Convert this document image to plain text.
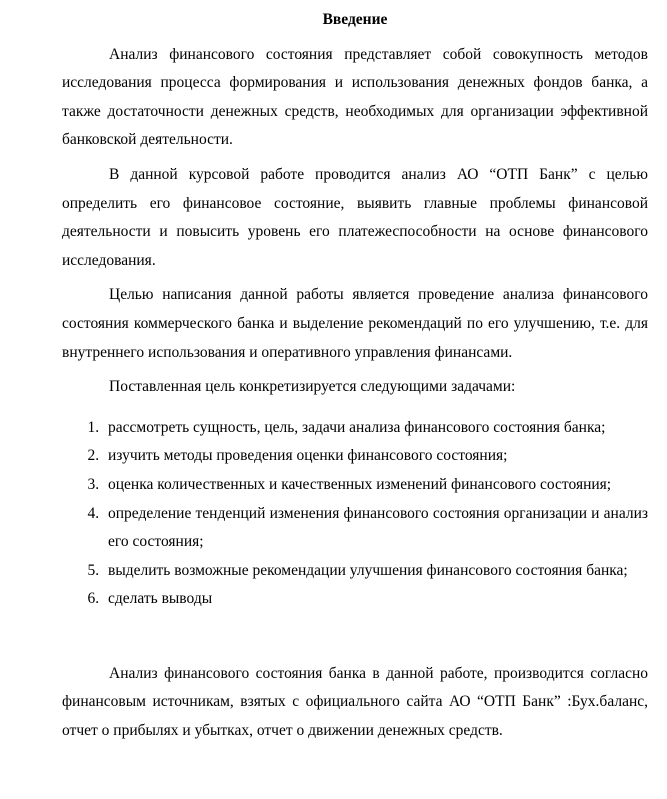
Введение

Анализ финансового состояния представляет собой совокупность методов исследования процесса формирования и использования денежных фондов банка, а также достаточности денежных средств, необходимых для организации эффективной банковской деятельности.

В данной курсовой работе проводится анализ АО “ОТП Банк” с целью определить его финансовое состояние, выявить главные проблемы финансовой деятельности и повысить уровень его платежеспособности на основе финансового исследования.

Целью написания данной работы является проведение анализа финансового состояния коммерческого банка и выделение рекомендаций по его улучшению, т.е. для внутреннего использования и оперативного управления финансами.

Поставленная цель конкретизируется следующими задачами:

1. рассмотреть сущность, цель, задачи анализа финансового состояния банка;
2. изучить методы проведения оценки финансового состояния;
3. оценка количественных и качественных изменений финансового состояния;
4. определение тенденций изменения финансового состояния организации и анализ его состояния;
5. выделить возможные рекомендации улучшения финансового состояния банка;
6. сделать выводы

Анализ финансового состояния банка в данной работе, производится согласно финансовым источникам, взятых с официального сайта АО “ОТП Банк” :Бух.баланс, отчет о прибылях и убытках, отчет о движении денежных средств.
